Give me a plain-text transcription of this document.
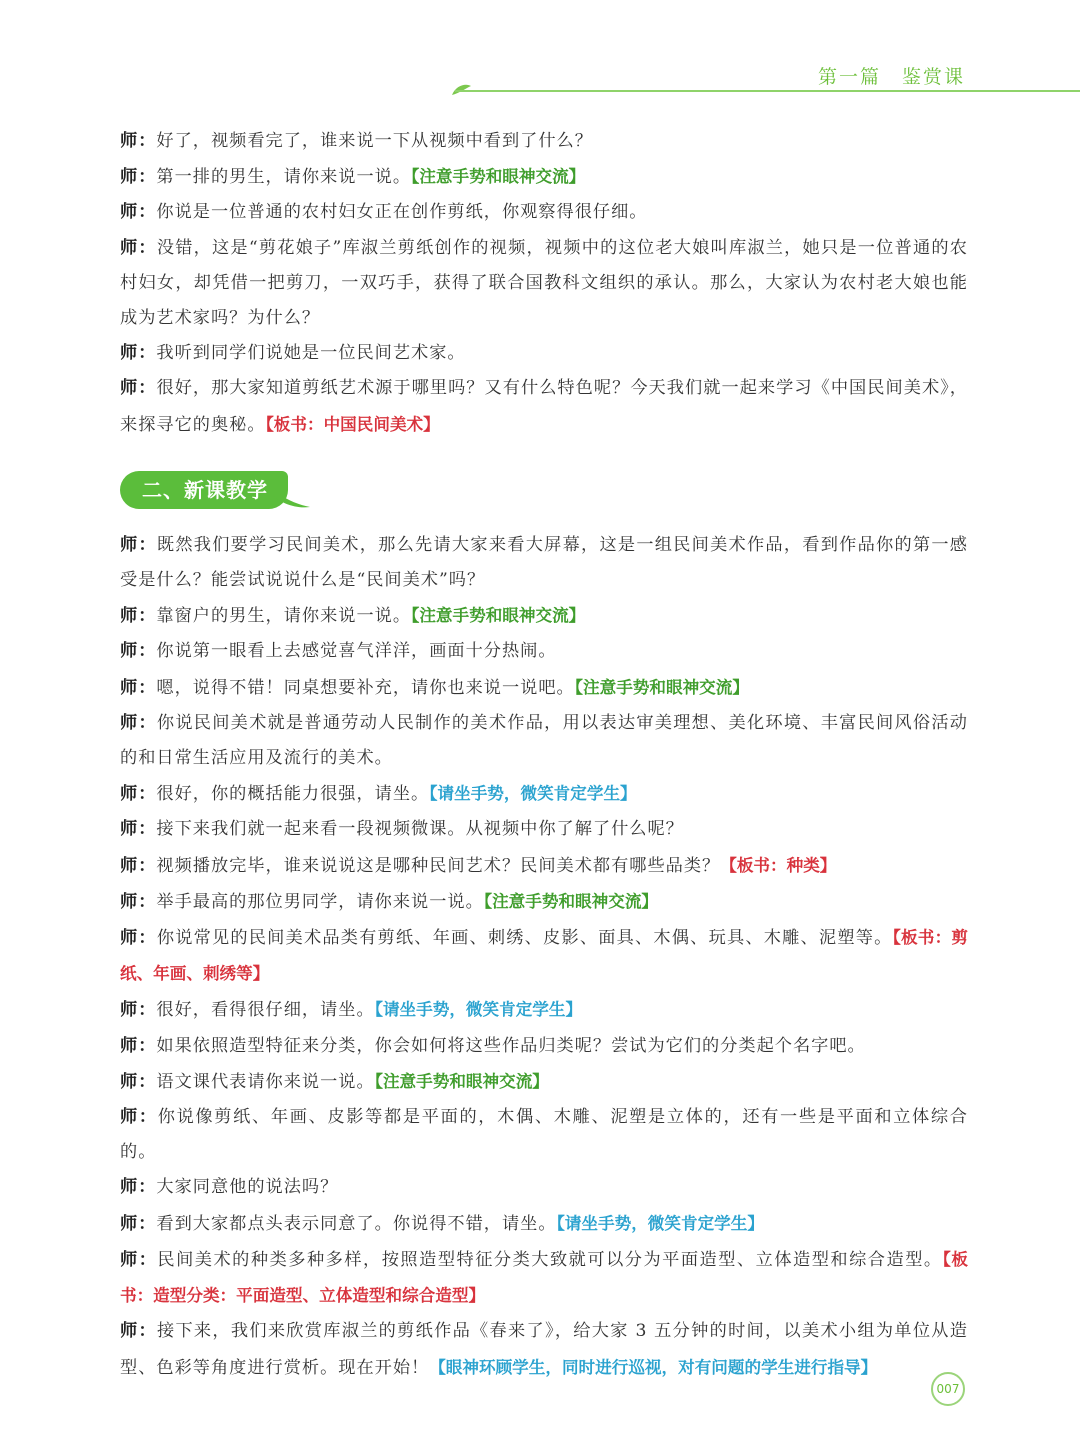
第一篇　鉴赏课

师：好了，视频看完了，谁来说一下从视频中看到了什么？

师：第一排的男生，请你来说一说。【注意手势和眼神交流】

师：你说是一位普通的农村妇女正在创作剪纸，你观察得很仔细。

师：没错，这是“剪花娘子”库淑兰剪纸创作的视频，视频中的这位老大娘叫库淑兰，她只是一位普通的农村妇女，却凭借一把剪刀，一双巧手，获得了联合国教科文组织的承认。那么，大家认为农村老大娘也能成为艺术家吗？为什么？

师：我听到同学们说她是一位民间艺术家。

师：很好，那大家知道剪纸艺术源于哪里吗？又有什么特色呢？今天我们就一起来学习《中国民间美术》，来探寻它的奥秘。【板书：中国民间美术】

二、新课教学

师：既然我们要学习民间美术，那么先请大家来看大屏幕，这是一组民间美术作品，看到作品你的第一感受是什么？能尝试说说什么是“民间美术”吗？

师：靠窗户的男生，请你来说一说。【注意手势和眼神交流】

师：你说第一眼看上去感觉喜气洋洋，画面十分热闹。

师：嗯，说得不错！同桌想要补充，请你也来说一说吧。【注意手势和眼神交流】

师：你说民间美术就是普通劳动人民制作的美术作品，用以表达审美理想、美化环境、丰富民间风俗活动的和日常生活应用及流行的美术。

师：很好，你的概括能力很强，请坐。【请坐手势，微笑肯定学生】

师：接下来我们就一起来看一段视频微课。从视频中你了解了什么呢？

师：视频播放完毕，谁来说说这是哪种民间艺术？民间美术都有哪些品类？【板书：种类】

师：举手最高的那位男同学，请你来说一说。【注意手势和眼神交流】

师：你说常见的民间美术品类有剪纸、年画、刺绣、皮影、面具、木偶、玩具、木雕、泥塑等。【板书：剪纸、年画、刺绣等】

师：很好，看得很仔细，请坐。【请坐手势，微笑肯定学生】

师：如果依照造型特征来分类，你会如何将这些作品归类呢？尝试为它们的分类起个名字吧。

师：语文课代表请你来说一说。【注意手势和眼神交流】

师：你说像剪纸、年画、皮影等都是平面的，木偶、木雕、泥塑是立体的，还有一些是平面和立体综合的。

师：大家同意他的说法吗？

师：看到大家都点头表示同意了。你说得不错，请坐。【请坐手势，微笑肯定学生】

师：民间美术的种类多种多样，按照造型特征分类大致就可以分为平面造型、立体造型和综合造型。【板书：造型分类：平面造型、立体造型和综合造型】

师：接下来，我们来欣赏库淑兰的剪纸作品《春来了》，给大家 3 五分钟的时间，以美术小组为单位从造型、色彩等角度进行赏析。现在开始！【眼神环顾学生，同时进行巡视，对有问题的学生进行指导】

007
